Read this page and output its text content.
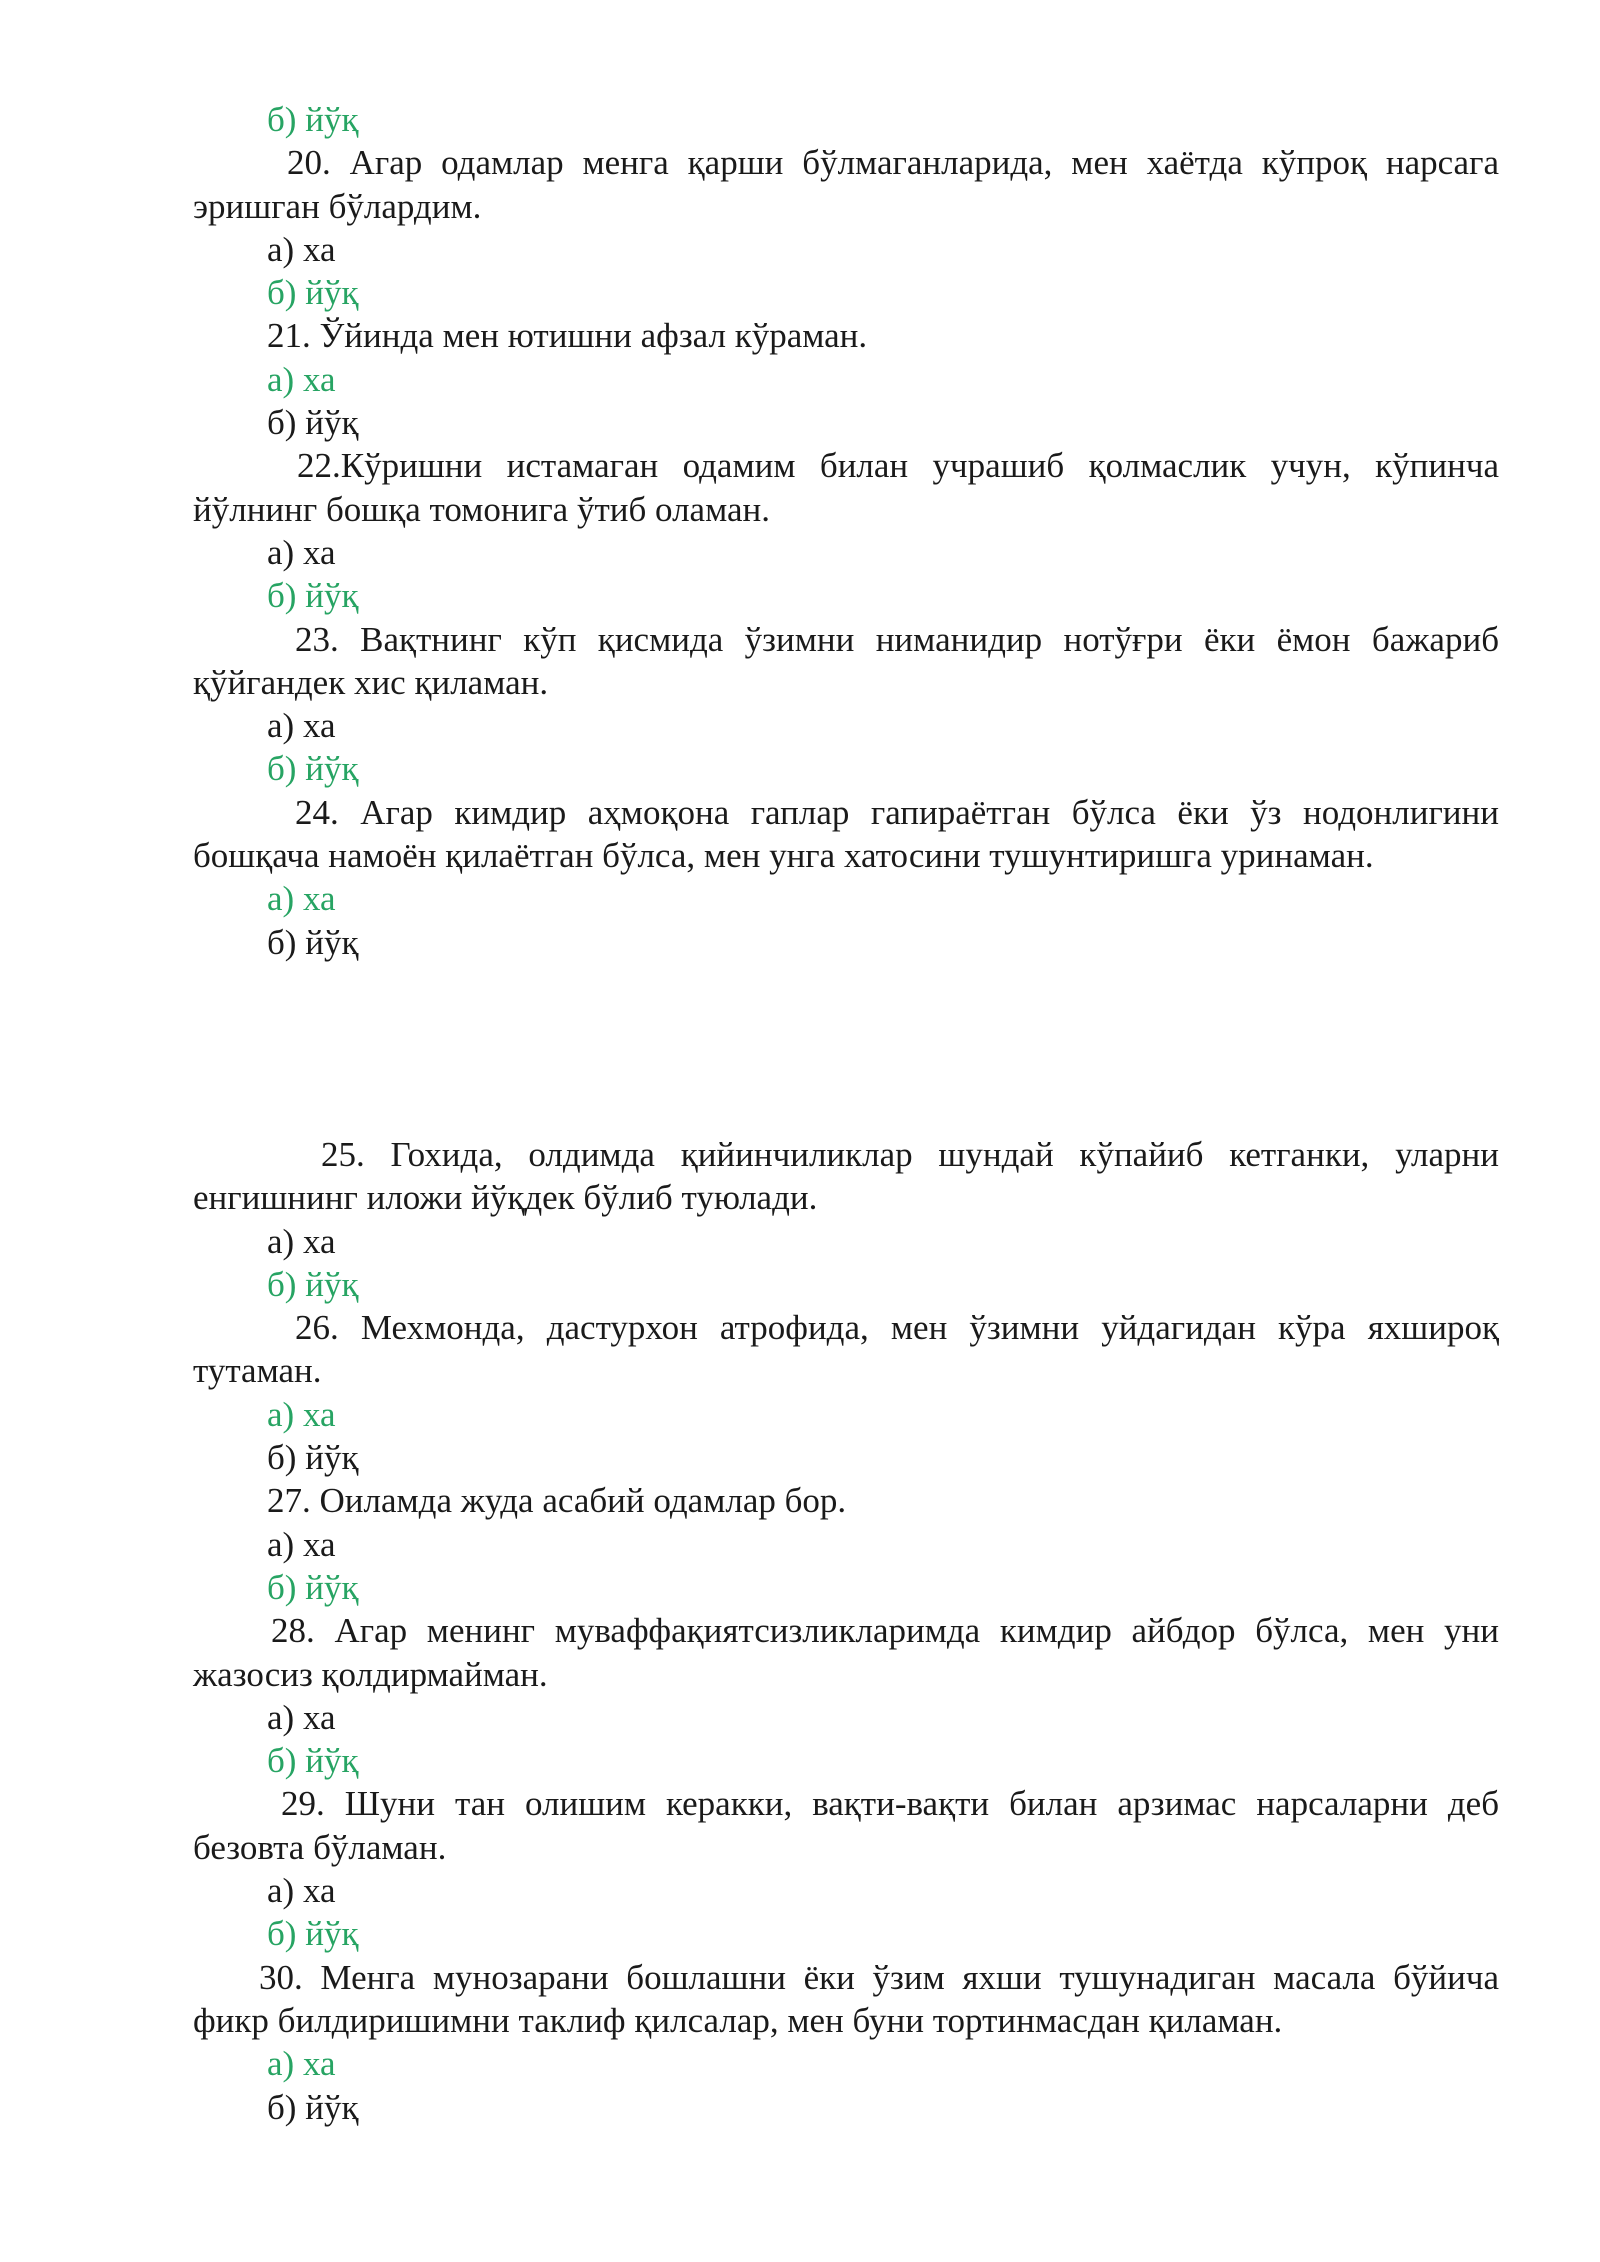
б) йўқ
20. Агар одамлар менга қарши бўлмаганларида, мен хаётда кўпроқ нарсага
эришган бўлардим.
а) ха
б) йўқ
21. Ўйинда мен ютишни афзал кўраман.
а) ха
б) йўқ
22.Кўришни истамаган одамим билан учрашиб қолмаслик учун, кўпинча
йўлнинг бошқа томонига ўтиб оламан.
а) ха
б) йўқ
23. Вақтнинг кўп қисмида ўзимни ниманидир нотўғри ёки ёмон бажариб
қўйгандек хис қиламан.
а) ха
б) йўқ
24. Агар кимдир аҳмоқона гаплар гапираётган бўлса ёки ўз нодонлигини
бошқача намоён қилаётган бўлса, мен унга хатосини тушунтиришга уринаман.
а) ха
б) йўқ
25. Гохида, олдимда қийинчиликлар шундай кўпайиб кетганки, уларни
енгишнинг иложи йўқдек бўлиб туюлади.
а) ха
б) йўқ
26. Мехмонда, дастурхон атрофида, мен ўзимни уйдагидан кўра яхшироқ
тутаман.
а) ха
б) йўқ
27. Оиламда жуда асабий одамлар бор.
а) ха
б) йўқ
28. Агар менинг муваффақиятсизликларимда кимдир айбдор бўлса, мен уни
жазосиз қолдирмайман.
а) ха
б) йўқ
29. Шуни тан олишим керакки, вақти-вақти билан арзимас нарсаларни деб
безовта бўламан.
а) ха
б) йўқ
30. Менга мунозарани бошлашни ёки ўзим яхши тушунадиган масала бўйича
фикр билдиришимни таклиф қилсалар, мен буни тортинмасдан қиламан.
а) ха
б) йўқ
